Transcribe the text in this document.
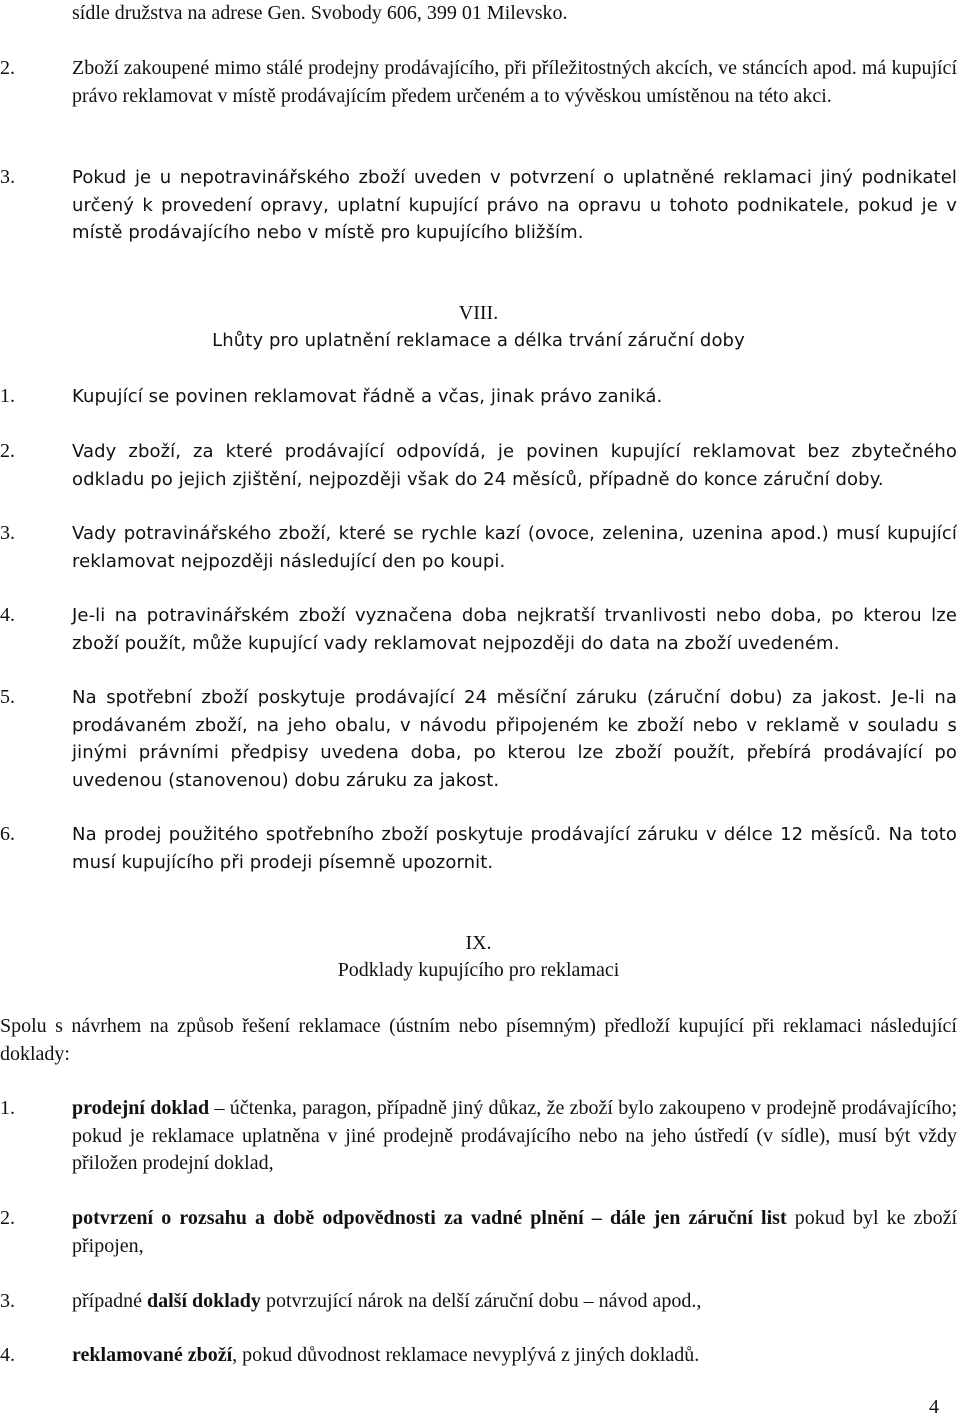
sídle družstva na adrese Gen. Svobody 606, 399 01 Milevsko.
2.	Zboží zakoupené mimo stálé prodejny prodávajícího, při příležitostných akcích, ve stáncích apod. má kupující právo reklamovat v místě prodávajícím předem určeném a to vývěskou umístěnou na této akci.
3.	Pokud je u nepotravinářského zboží uveden v potvrzení o uplatněné reklamaci jiný podnikatel určený k provedení opravy, uplatní kupující právo na opravu u tohoto podnikatele, pokud je v místě prodávajícího nebo v místě pro kupujícího bližším.
VIII.
Lhůty pro uplatnění reklamace a délka trvání záruční doby
1.	Kupující se povinen reklamovat řádně a včas, jinak právo zaniká.
2.	Vady zboží, za které prodávající odpovídá, je povinen kupující reklamovat bez zbytečného odkladu po jejich zjištění, nejpozději však do 24 měsíců, případně do konce záruční doby.
3.	Vady potravinářského zboží, které se rychle kazí (ovoce, zelenina, uzenina apod.) musí kupující reklamovat nejpozději následující den po koupi.
4.	Je-li na potravinářském zboží vyznačena doba nejkratší trvanlivosti nebo doba, po kterou lze zboží použít, může kupující vady reklamovat nejpozději do data na zboží uvedeném.
5.	Na spotřební zboží poskytuje prodávající 24 měsíční záruku (záruční dobu) za jakost. Je-li na prodávaném zboží, na jeho obalu, v návodu připojeném ke zboží nebo v reklamě v souladu s jinými právními předpisy uvedena doba, po kterou lze zboží použít, přebírá prodávající po uvedenou (stanovenou) dobu záruku za jakost.
6.	Na prodej použitého spotřebního zboží poskytuje prodávající záruku v délce 12 měsíců. Na toto musí kupujícího při prodeji písemně upozornit.
IX.
Podklady kupujícího pro reklamaci
Spolu s návrhem na způsob řešení reklamace (ústním nebo písemným) předloží kupující při reklamaci následující doklady:
1.	prodejní doklad – účtenka, paragon, případně jiný důkaz, že zboží bylo zakoupeno v prodejně prodávajícího; pokud je reklamace uplatněna v jiné prodejně prodávajícího nebo na jeho ústředí (v sídle), musí být vždy přiložen prodejní doklad,
2.	potvrzení o rozsahu a době odpovědnosti za vadné plnění – dále jen záruční list pokud byl ke zboží připojen,
3.	případné další doklady potvrzující nárok na delší záruční dobu – návod apod.,
4.	reklamované zboží, pokud důvodnost reklamace nevyplývá z jiných dokladů.
4
